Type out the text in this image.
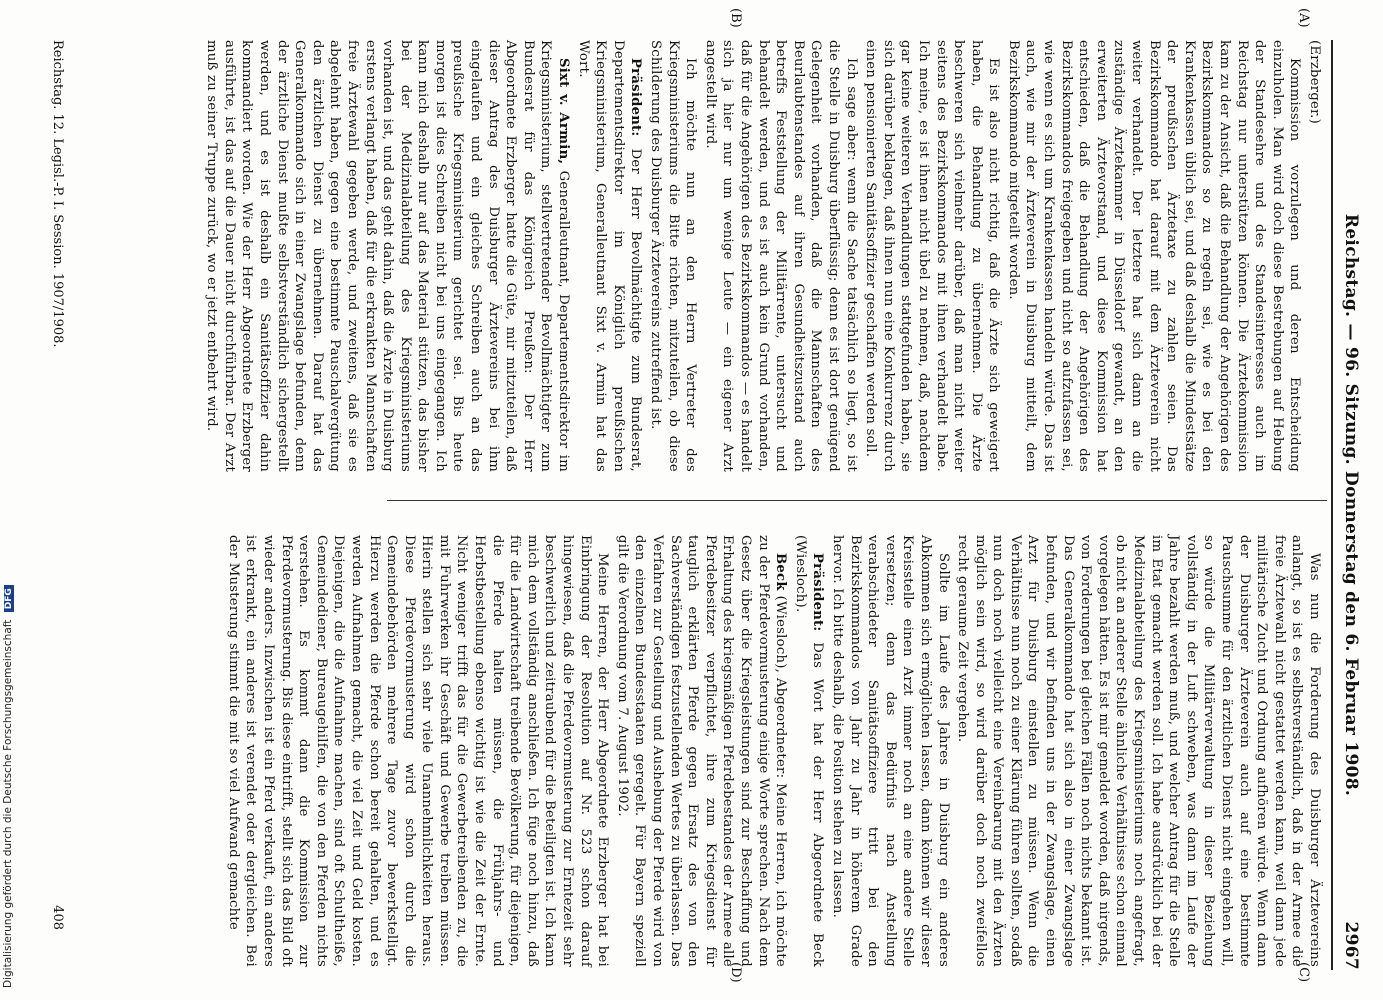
Reichstag. — 96. Sitzung. Donnerstag den 6. Februar 1908.
2967
(A)
(B)
(C)
(D)

(Erzberger.)

Kommission vorzulegen und deren Entscheidung einzuholen. Man wird doch diese Bestrebungen auf Hebung der Standesehre und des Standesinteresses auch im Reichstag nur unterstützen können. Die Ärztekommission kam zu der Ansicht, daß die Behandlung der Angehörigen des Bezirkskommandos so zu regeln sei, wie es bei den Krankenkassen üblich sei, und daß deshalb die Mindestsätze der preußischen Ärztetaxe zu zahlen seien. Das Bezirkskommando hat darauf mit dem Ärzteverein nicht weiter verhandelt. Der letztere hat sich dann an die zuständige Ärztekammer in Düsseldorf gewandt, an den erweiterten Ärztevorstand, und diese Kommission hat entschieden, daß die Behandlung der Angehörigen des Bezirkskommandos freigegeben und nicht so aufzufassen sei, wie wenn es sich um Krankenkassen handeln würde. Das ist auch, wie mir der Ärzteverein in Duisburg mitteilt, dem Bezirkskommando mitgeteilt worden.

Es ist also nicht richtig, daß die Ärzte sich geweigert haben, die Behandlung zu übernehmen. Die Ärzte beschweren sich vielmehr darüber, daß man nicht weiter seitens des Bezirkskommandos mit ihnen verhandelt habe. Ich meine, es ist ihnen nicht übel zu nehmen, daß, nachdem gar keine weiteren Verhandlungen stattgefunden haben, sie sich darüber beklagen, daß ihnen nun eine Konkurrenz durch einen pensionierten Sanitätsoffizier geschaffen werden soll.

Ich sage aber: wenn die Sache tatsächlich so liegt, so ist die Stelle in Duisburg überflüssig; denn es ist dort genügend Gelegenheit vorhanden, daß die Mannschaften des Beurlaubtenstandes auf ihren Gesundheitszustand auch betreffs Feststellung der Militärrente, untersucht und behandelt werden, und es ist auch kein Grund vorhanden, daß für die Angehörigen des Bezirkskommandos — es handelt sich ja hier nur um wenige Leute — ein eigener Arzt angestellt wird.

Ich möchte nun an den Herrn Vertreter des Kriegsministeriums die Bitte richten, mitzuteilen, ob diese Schilderung des Duisburger Ärztevereins zutreffend ist.

Präsident: Der Herr Bevollmächtigte zum Bundesrat, Departementsdirektor im Königlich preußischen Kriegsministerium, Generalleutnant Sixt v. Armin hat das Wort.

Sixt v. Armin, Generalleutnant, Departementsdirektor im Kriegsministerium, stellvertretender Bevollmächtigter zum Bundesrat für das Königreich Preußen: Der Herr Abgeordnete Erzberger hatte die Güte, mir mitzuteilen, daß dieser Antrag des Duisburger Ärztevereins bei ihm eingelaufen und ein gleiches Schreiben auch an das preußische Kriegsministerium gerichtet sei. Bis heute morgen ist dies Schreiben nicht bei uns eingegangen. Ich kann mich deshalb nur auf das Material stützen, das bisher bei der Medizinalabteilung des Kriegsministeriums vorhanden ist, und das geht dahin, daß die Ärzte in Duisburg erstens verlangt haben, daß für die erkrankten Mannschaften freie Ärztewahl gegeben werde, und zweitens, daß sie es abgelehnt haben, gegen eine bestimmte Pauschalvergütung den ärztlichen Dienst zu übernehmen. Darauf hat das Generalkommando sich in einer Zwangslage befunden, denn der ärztliche Dienst mußte selbstverständlich sichergestellt werden, und es ist deshalb ein Sanitätsoffizier dahin kommandiert worden. Wie der Herr Abgeordnete Erzberger ausführte, ist das auf die Dauer nicht durchführbar. Der Arzt muß zu seiner Truppe zurück, wo er jetzt entbehrt wird.

Was nun die Forderung des Duisburger Ärztevereins anlangt, so ist es selbstverständlich, daß in der Armee die freie Ärztewahl nicht gestattet werden kann, weil dann jede militärische Zucht und Ordnung aufhören würde. Wenn dann der Duisburger Ärzteverein auch auf eine bestimmte Pauschsumme für den ärztlichen Dienst nicht eingehen will, so würde die Militärverwaltung in dieser Beziehung vollständig in der Luft schweben, was dann im Laufe der Jahre bezahlt werden muß, und welcher Antrag für die Stelle im Etat gemacht werden soll. Ich habe ausdrücklich bei der Medizinalabteilung des Kriegsministeriums noch angefragt, ob nicht an anderer Stelle ähnliche Verhältnisse schon einmal vorgelegen hätten. Es ist mir gemeldet worden, daß nirgends, von Forderungen bei gleichen Fällen noch nichts bekannt ist. Das Generalkommando hat sich also in einer Zwangslage befunden, und wir befinden uns in der Zwangslage, einen Arzt für Duisburg einstellen zu müssen. Wenn die Verhältnisse nun noch zu einer Klärung führen sollten, sodaß nun doch noch vielleicht eine Vereinbarung mit den Ärzten möglich sein wird, so wird darüber doch noch zweifellos recht geraume Zeit vergehen.

Sollte im Laufe des Jahres in Duisburg ein anderes Abkommen sich ermöglichen lassen, dann können wir dieser Kreisstelle einen Arzt immer noch an eine andere Stelle versetzen; denn das Bedürfnis nach Anstellung verabschiedeter Sanitätsoffiziere tritt bei den Bezirkskommandos von Jahr zu Jahr in höherem Grade hervor. Ich bitte deshalb, die Position stehen zu lassen.

Präsident: Das Wort hat der Herr Abgeordnete Beck (Wiesloch).

Beck (Wiesloch), Abgeordneter: Meine Herren, ich möchte zu der Pferdevormusterung einige Worte sprechen. Nach dem Gesetz über die Kriegsleistungen sind zur Beschaffung und Erhaltung des kriegsmäßigen Pferdebestandes der Armee alle Pferdebesitzer verpflichtet, ihre zum Kriegsdienst für tauglich erklärten Pferde gegen Ersatz des von den Sachverständigen festzustellenden Wertes zu überlassen. Das Verfahren zur Gestellung und Aushebung der Pferde wird von den einzelnen Bundesstaaten geregelt. Für Bayern speziell gilt die Verordnung vom 7. August 1902.

Meine Herren, der Herr Abgeordnete Erzberger hat bei Einbringung der Resolution auf Nr. 523 schon darauf hingewiesen, daß die Pferdevormusterung zur Erntezeit sehr beschwerlich und zeitraubend für die Beteiligten ist. Ich kann mich dem vollständig anschließen. Ich füge noch hinzu, daß für die Landwirtschaft treibende Bevölkerung, für diejenigen, die Pferde halten müssen, die Frühjahrs- und Herbstbestellung ebenso wichtig ist wie die Zeit der Ernte. Nicht weniger trifft das für die Gewerbetreibenden zu, die mit Fuhrwerken ihr Geschäft und Gewerbe treiben müssen. Hierin stellen sich sehr viele Unannehmlichkeiten heraus. Diese Pferdevormusterung wird schon durch die Gemeindebehörden mehrere Tage zuvor bewerkstelligt. Hierzu werden die Pferde schon bereit gehalten, und es werden Aufnahmen gemacht, die viel Zeit und Geld kosten. Diejenigen, die die Aufnahme machen, sind oft Schultheiße, Gemeindediener, Bureaugehilfen, die von den Pferden nichts verstehen. Es kommt dann die Kommission zur Pferdevormusterung. Bis diese eintrifft, stellt sich das Bild oft wieder anders. Inzwischen ist ein Pferd verkauft, ein anderes ist erkrankt, ein anderes ist verendet oder dergleichen. Bei der Musterung stimmt die mit so viel Aufwand gemachte

Reichstag. 12. Legisl.-P. I. Session. 1907/1908.
408
Digitalisierung gefördert durch die Deutsche Forschungsgemeinschaft DFG
